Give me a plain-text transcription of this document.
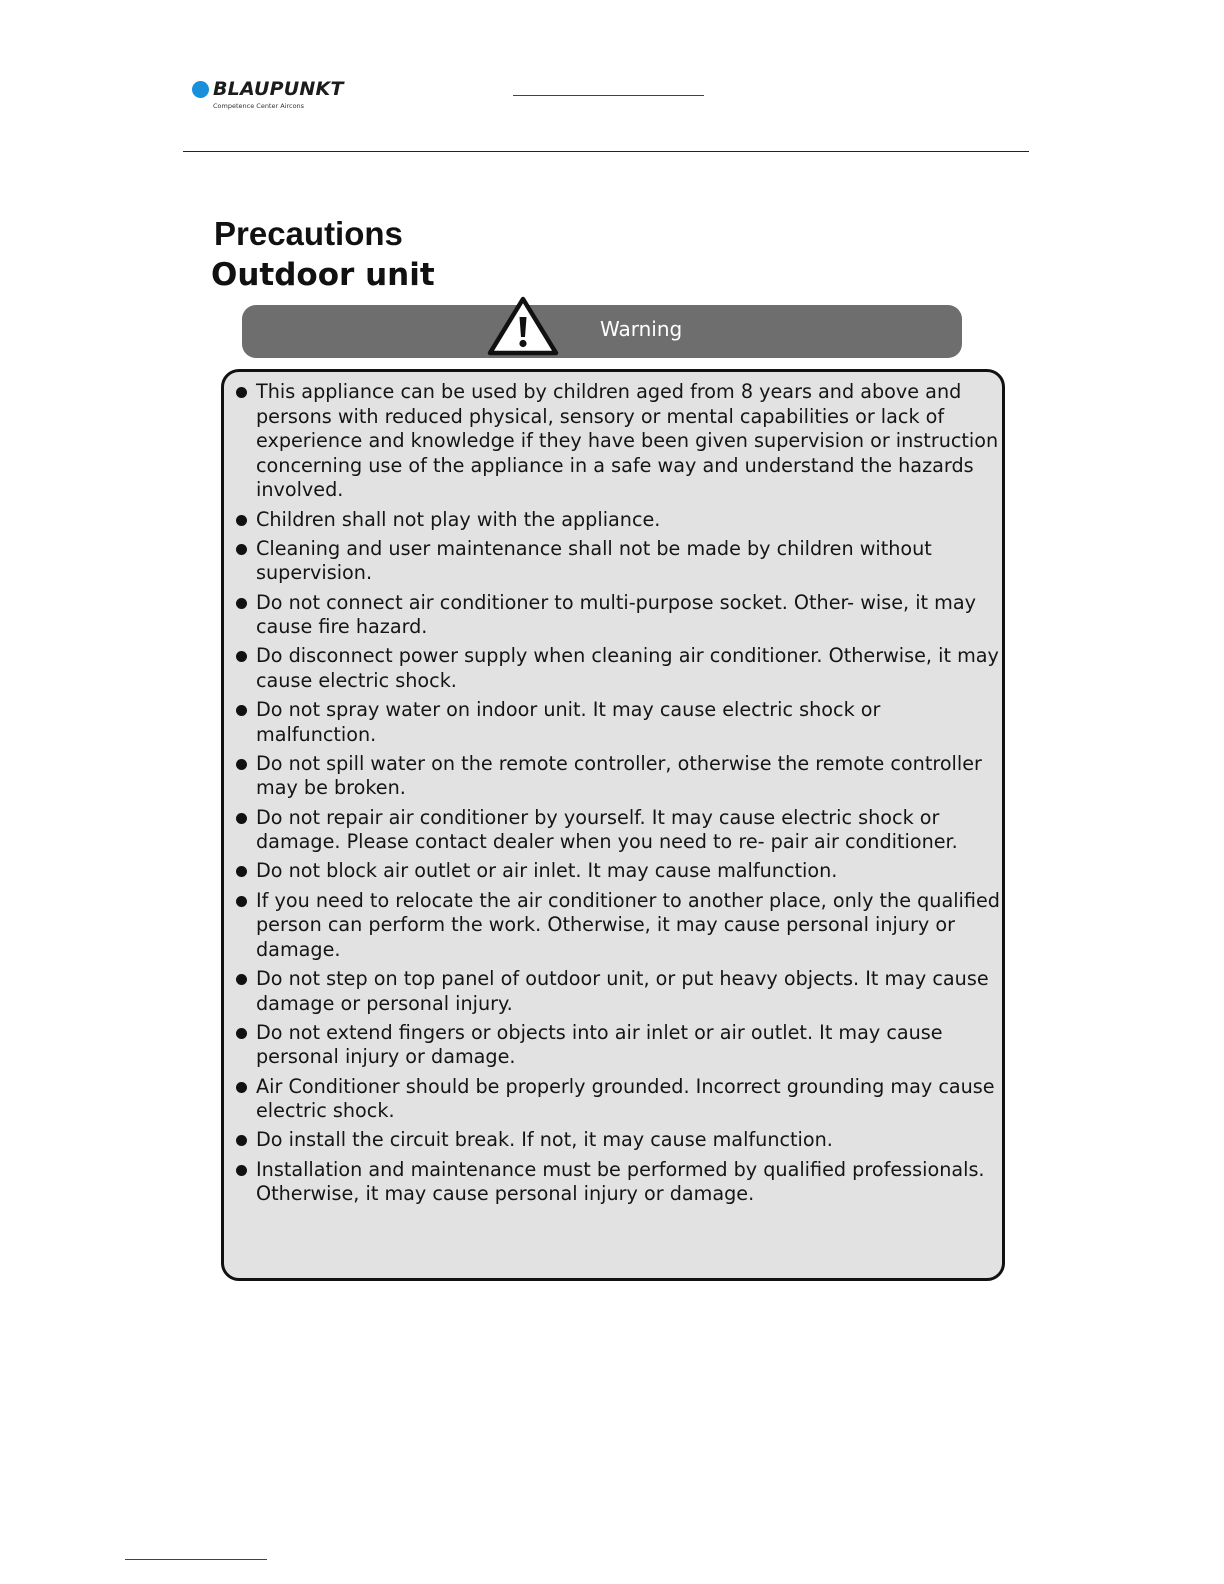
BLAUPUNKT
Competence Center Aircons
Precautions
Outdoor unit
Warning
This appliance can be used by children aged from 8 years and above and persons with reduced physical, sensory or mental capabilities or lack of experience and knowledge if they have been given supervision or instruction concerning use of the appliance in a safe way and understand the hazards involved.
Children shall not play with the appliance.
Cleaning and user maintenance shall not be made by children without supervision.
Do not connect air conditioner to multi-purpose socket. Other- wise, it may cause fire hazard.
Do disconnect power supply when cleaning air conditioner. Otherwise, it may cause electric shock.
Do not spray water on indoor unit. It may cause electric shock or malfunction.
Do not spill water on the remote controller, otherwise the remote controller may be broken.
Do not repair air conditioner by yourself. It may cause electric shock or damage. Please contact dealer when you need to re- pair air conditioner.
Do not block air outlet or air inlet. It may cause malfunction.
If you need to relocate the air conditioner to another place, only the qualified person can perform the work. Otherwise, it may cause personal injury or damage.
Do not step on top panel of outdoor unit, or put heavy objects. It may cause damage or personal injury.
Do not extend fingers or objects into air inlet or air outlet. It may cause personal injury or damage.
Air Conditioner should be properly grounded. Incorrect grounding may cause electric shock.
Do install the circuit break. If not, it may cause malfunction.
Installation and maintenance must be performed by qualified professionals. Otherwise, it may cause personal injury or damage.
